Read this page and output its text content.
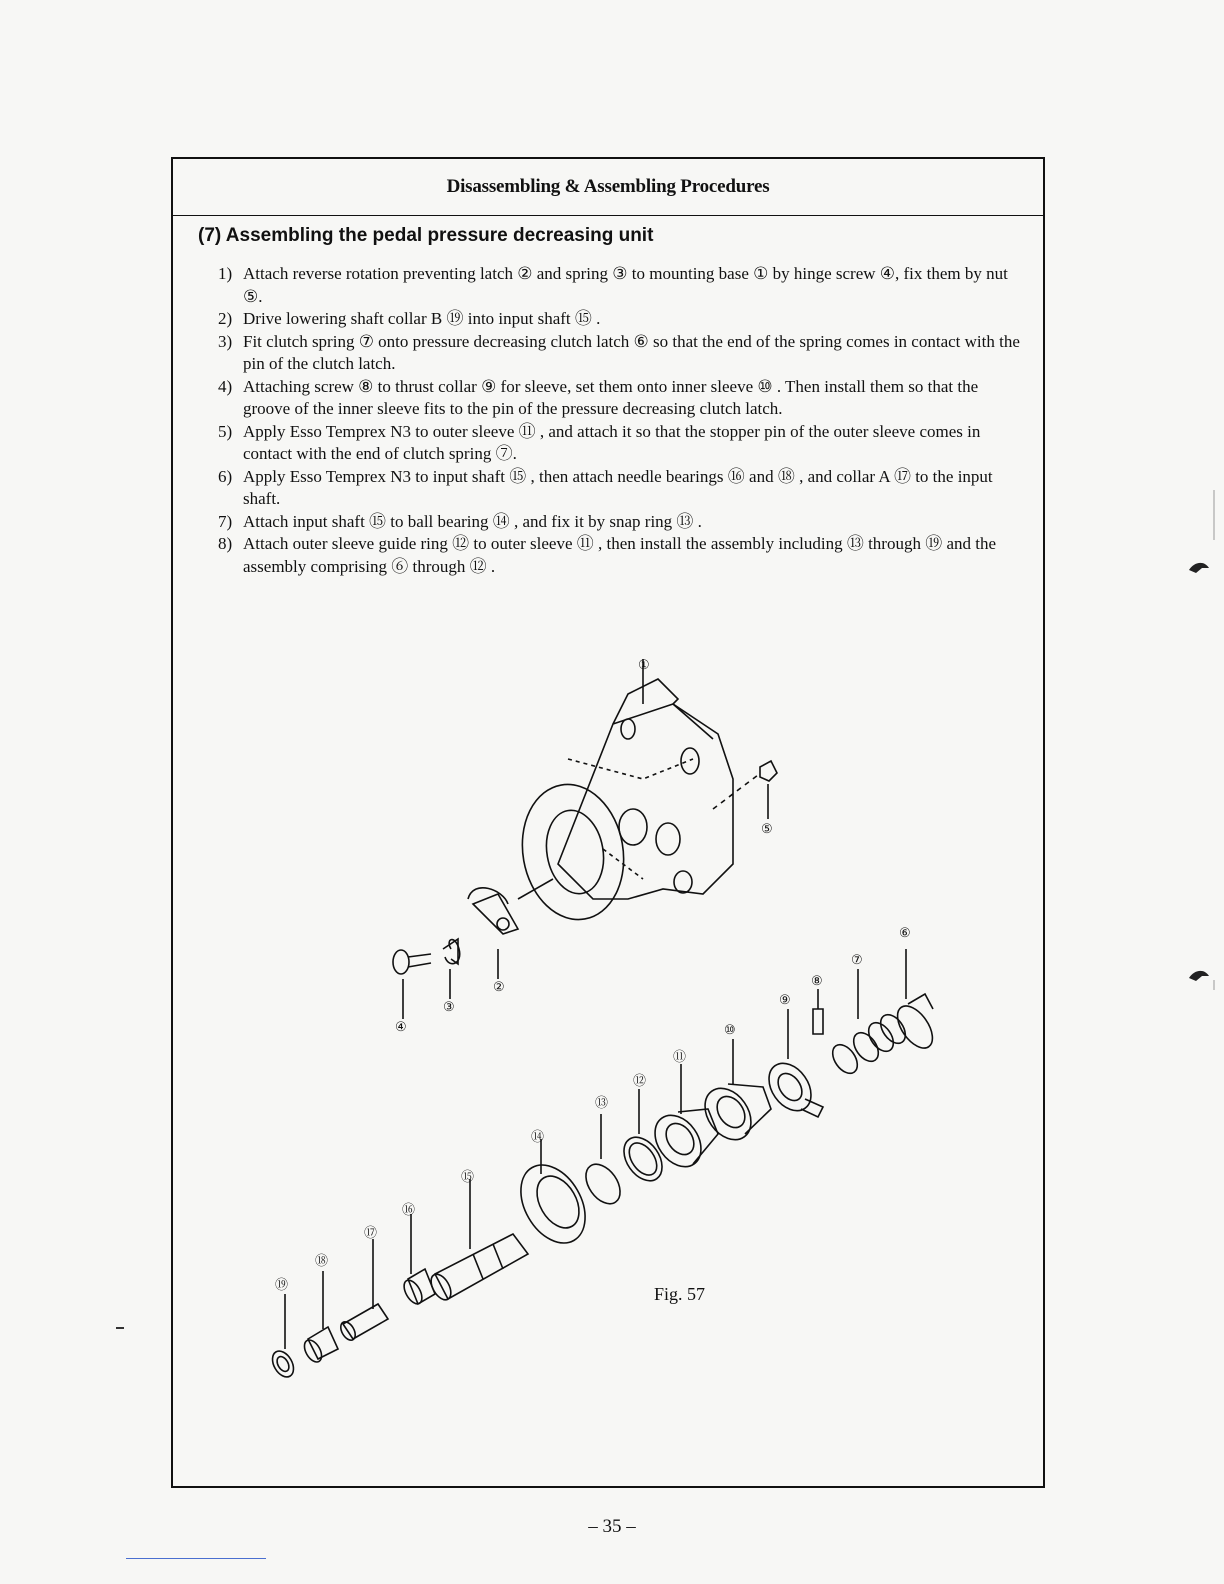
Disassembling & Assembling Procedures
(7) Assembling the pedal pressure decreasing unit
1) Attach reverse rotation preventing latch ② and spring ③ to mounting base ① by hinge screw ④, fix them by nut ⑤.
2) Drive lowering shaft collar B ⑲ into input shaft ⑮ .
3) Fit clutch spring ⑦ onto pressure decreasing clutch latch ⑥ so that the end of the spring comes in contact with the pin of the clutch latch.
4) Attaching screw ⑧ to thrust collar ⑨ for sleeve, set them onto inner sleeve ⑩ . Then install them so that the groove of the inner sleeve fits to the pin of the pressure decreasing clutch latch.
5) Apply Esso Temprex N3 to outer sleeve ⑪ , and attach it so that the stopper pin of the outer sleeve comes in contact with the end of clutch spring ⑦.
6) Apply Esso Temprex N3 to input shaft ⑮ , then attach needle bearings ⑯ and ⑱ , and collar A ⑰ to the input shaft.
7) Attach input shaft ⑮ to ball bearing ⑭ , and fix it by snap ring ⑬ .
8) Attach outer sleeve guide ring ⑫ to outer sleeve ⑪ , then install the assembly including ⑬ through ⑲ and the assembly comprising ⑥ through ⑫ .
①
②
③
④
⑤
⑥
⑦
⑧
⑨
⑩
⑪
⑫
⑬
⑭
⑮
⑯
⑰
⑱
⑲	Fig. 57
– 35 –
